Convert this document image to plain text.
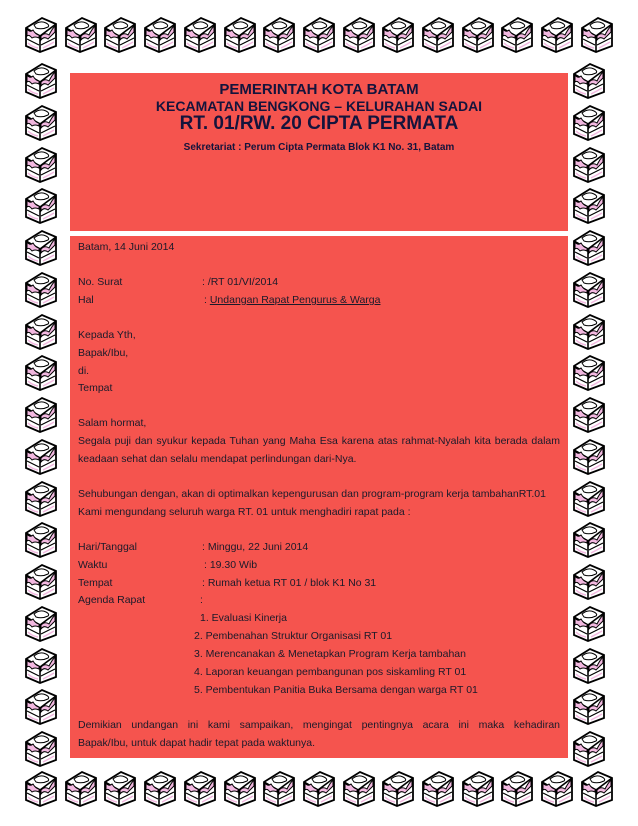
PEMERINTAH KOTA BATAM
KECAMATAN BENGKONG – KELURAHAN SADAI
RT. 01/RW. 20 CIPTA PERMATA
Sekretariat : Perum Cipta Permata Blok K1 No. 31, Batam
Batam, 14 Juni 2014
No. Surat	: /RT 01/VI/2014
Hal	: Undangan Rapat Pengurus & Warga
Kepada Yth,
Bapak/Ibu,
di.
Tempat
Salam hormat,
Segala puji dan syukur kepada Tuhan yang Maha Esa karena atas rahmat-Nyalah kita berada dalam
keadaan sehat dan selalu mendapat perlindungan dari-Nya.
Sehubungan dengan, akan di optimalkan kepengurusan dan program-program kerja tambahanRT.01
Kami mengundang seluruh warga RT. 01 untuk menghadiri rapat pada :
Hari/Tanggal	: Minggu, 22 Juni 2014
Waktu	: 19.30 Wib
Tempat	: Rumah ketua RT 01 / blok K1 No 31
Agenda Rapat	:
1. Evaluasi Kinerja
2. Pembenahan Struktur Organisasi RT 01
3. Merencanakan & Menetapkan Program Kerja tambahan
4. Laporan keuangan pembangunan pos siskamling RT 01
5. Pembentukan Panitia Buka Bersama dengan warga RT 01
Demikian undangan ini kami sampaikan, mengingat pentingnya acara ini maka kehadiran
Bapak/Ibu, untuk dapat hadir tepat pada waktunya.
